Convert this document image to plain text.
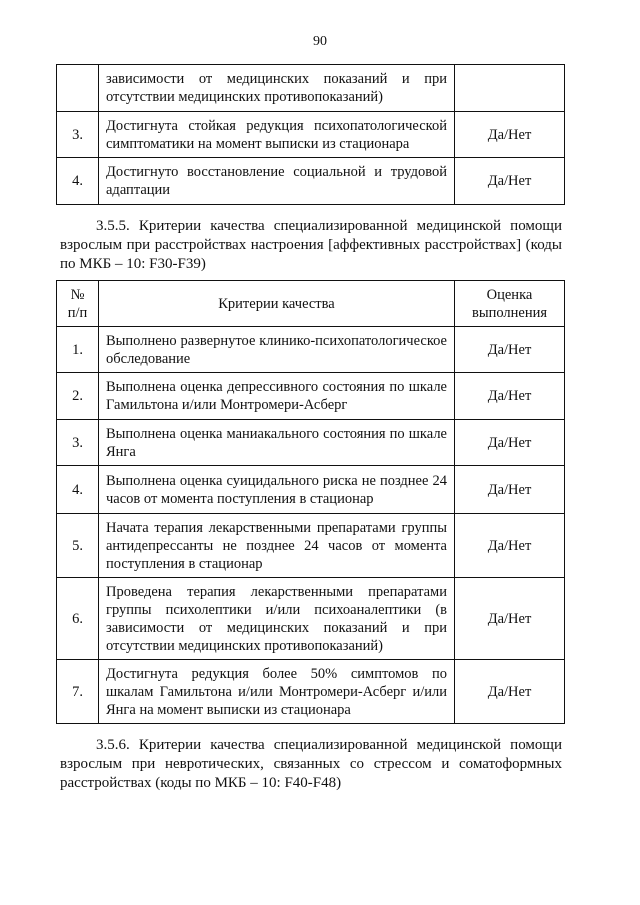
90
	зависимости от медицинских показаний и при отсутствии медицинских противопоказаний)	
3.	Достигнута стойкая редукция психопатологической симптоматики на момент выписки из стационара	Да/Нет
4.	Достигнуто восстановление социальной и трудовой адаптации	Да/Нет
3.5.5. Критерии качества специализированной медицинской помощи взрослым при расстройствах настроения [аффективных расстройствах] (коды по МКБ – 10: F30-F39)
№ п/п	Критерии качества	Оценка выполнения
1.	Выполнено развернутое клинико-психопатологическое обследование	Да/Нет
2.	Выполнена оценка депрессивного состояния по шкале Гамильтона и/или Монтромери-Асберг	Да/Нет
3.	Выполнена оценка маниакального состояния по шкале Янга	Да/Нет
4.	Выполнена оценка суицидального риска не позднее 24 часов от момента поступления в стационар	Да/Нет
5.	Начата терапия лекарственными препаратами группы антидепрессанты не позднее 24 часов от момента поступления в стационар	Да/Нет
6.	Проведена терапия лекарственными препаратами группы психолептики и/или психоаналептики (в зависимости от медицинских показаний и при отсутствии медицинских противопоказаний)	Да/Нет
7.	Достигнута редукция более 50% симптомов по шкалам Гамильтона и/или Монтромери-Асберг и/или Янга на момент выписки из стационара	Да/Нет
3.5.6. Критерии качества специализированной медицинской помощи взрослым при невротических, связанных со стрессом и соматоформных расстройствах (коды по МКБ – 10: F40-F48)
